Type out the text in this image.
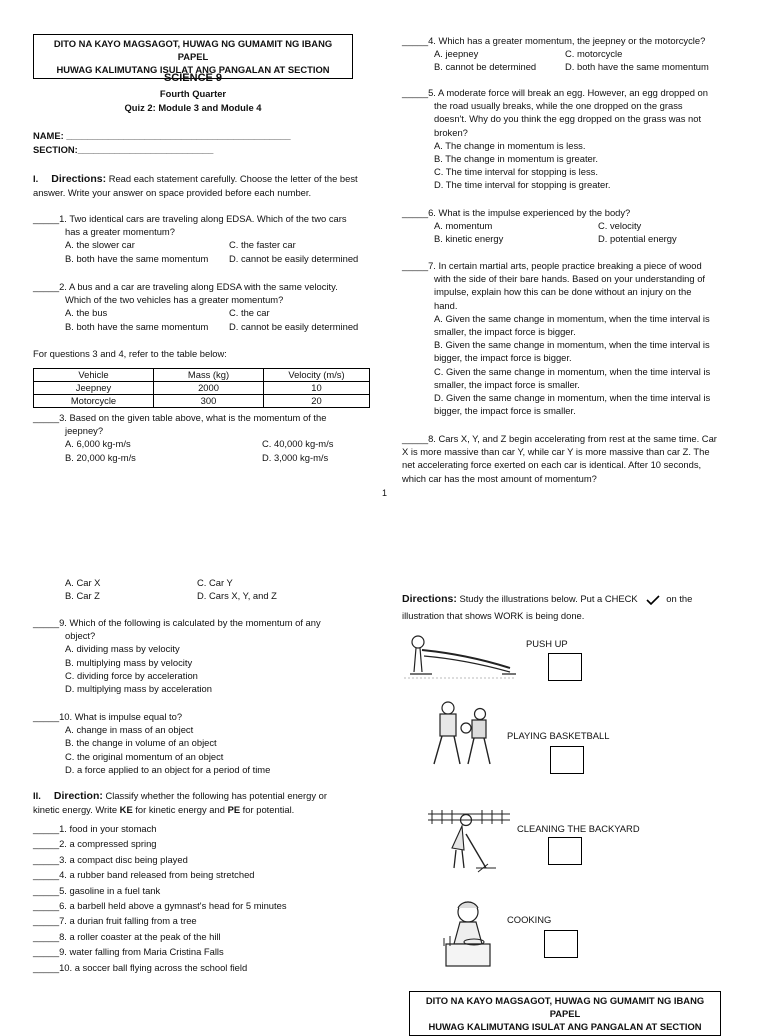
DITO NA KAYO MAGSAGOT, HUWAG NG GUMAMIT NG IBANG PAPEL
HUWAG KALIMUTANG ISULAT ANG PANGALAN AT SECTION
SCIENCE 9
Fourth Quarter
Quiz 2: Module 3 and Module 4
NAME: ___________________________________________
SECTION:__________________________
I. Directions: Read each statement carefully. Choose the letter of the best answer. Write your answer on space provided before each number.
_____1. Two identical cars are traveling along EDSA. Which of the two cars
has a greater momentum?
A. the slower car	C. the faster car
B. both have the same momentum	D. cannot be easily determined
_____2. A bus and a car are traveling along EDSA with the same velocity.
Which of the two vehicles has a greater momentum?
A. the bus	C. the car
B. both have the same momentum	D. cannot be easily determined
For questions 3 and 4, refer to the table below:
Vehicle	Mass (kg)	Velocity (m/s)
Jeepney	2000	10
Motorcycle	300	20
_____3. Based on the given table above, what is the momentum of the
jeepney?
A. 6,000 kg-m/s	C. 40,000 kg-m/s
B. 20,000 kg-m/s	D. 3,000 kg-m/s
_____4. Which has a greater momentum, the jeepney or the motorcycle?
A. jeepney	C. motorcycle
B. cannot be determined	D. both have the same momentum
_____5. A moderate force will break an egg. However, an egg dropped on
the road usually breaks, while the one dropped on the grass
doesn't. Why do you think the egg dropped on the grass was not
broken?
A. The change in momentum is less.
B. The change in momentum is greater.
C. The time interval for stopping is less.
D. The time interval for stopping is greater.
_____6. What is the impulse experienced by the body?
A. momentum	C. velocity
B. kinetic energy	D. potential energy
_____7. In certain martial arts, people practice breaking a piece of wood
with the side of their bare hands. Based on your understanding of
impulse, explain how this can be done without an injury on the
hand.
A. Given the same change in momentum, when the time interval is
smaller, the impact force is bigger.
B. Given the same change in momentum, when the time interval is
bigger, the impact force is bigger.
C. Given the same change in momentum, when the time interval is
smaller, the impact force is smaller.
D. Given the same change in momentum, when the time interval is
bigger, the impact force is smaller.
_____8. Cars X, Y, and Z begin accelerating from rest at the same time. Car
X is more massive than car Y, while car Y is more massive than car Z. The
net accelerating force exerted on each car is identical. After 10 seconds,
which car has the most amount of momentum?
1
A. Car X	C. Car Y
B. Car Z	D. Cars X, Y, and Z
_____9. Which of the following is calculated by the momentum of any
object?
A. dividing mass by velocity
B. multiplying mass by velocity
C. dividing force by acceleration
D. multiplying mass by acceleration
_____10. What is impulse equal to?
A. change in mass of an object
B. the change in volume of an object
C. the original momentum of an object
D. a force applied to an object for a period of time
II. Direction: Classify whether the following has potential energy or
kinetic energy. Write KE for kinetic energy and PE for potential.
_____1. food in your stomach
_____2. a compressed spring
_____3. a compact disc being played
_____4. a rubber band released from being stretched
_____5. gasoline in a fuel tank
_____6. a barbell held above a gymnast's head for 5 minutes
_____7. a durian fruit falling from a tree
_____8. a roller coaster at the peak of the hill
_____9. water falling from Maria Cristina Falls
_____10. a soccer ball flying across the school field
Directions: Study the illustrations below. Put a CHECK	on the
illustration that shows WORK is being done.
PUSH UP
PLAYING BASKETBALL
CLEANING THE BACKYARD
COOKING
DITO NA KAYO MAGSAGOT, HUWAG NG GUMAMIT NG IBANG PAPEL
HUWAG KALIMUTANG ISULAT ANG PANGALAN AT SECTION
